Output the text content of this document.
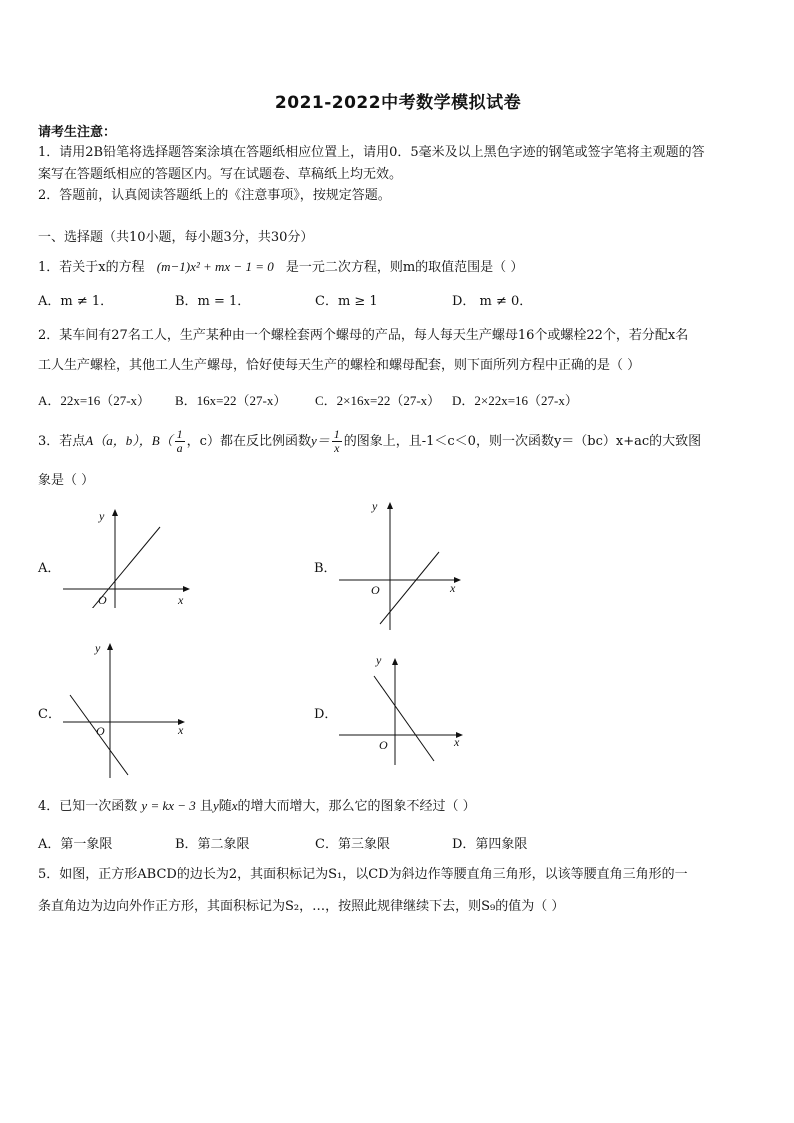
2021-2022中考数学模拟试卷
请考生注意：
1．请用2B铅笔将选择题答案涂填在答题纸相应位置上，请用0．5毫米及以上黑色字迹的钢笔或签字笔将主观题的答
案写在答题纸相应的答题区内。写在试题卷、草稿纸上均无效。
2．答题前，认真阅读答题纸上的《注意事项》，按规定答题。
一、选择题（共10小题，每小题3分，共30分）
1．若关于x的方程 (m−1)x² + mx − 1 = 0 是一元二次方程，则m的取值范围是（ ）
A．m ≠ 1．	B．m = 1．	C．m ≥ 1	D． m ≠ 0．
2．某车间有27名工人，生产某种由一个螺栓套两个螺母的产品，每人每天生产螺母16个或螺栓22个，若分配x名
工人生产螺栓，其他工人生产螺母，恰好使每天生产的螺栓和螺母配套，则下面所列方程中正确的是（ ）
A．22x=16（27-x） B．16x=22（27-x） C．2×16x=22（27-x） D．2×22x=16（27-x）
3．若点A（a，b），$B( \frac{1}{a}$ ，c）都在反比例函数$y= \frac{1}{x}$ 的图象上，且-1＜c＜0，则一次函数y＝（bc）x+ac的大致图
象是（ ）
A．
x
y
O
B．
x
y
O
C．
x
y
O
D．
x
y
O
4．已知一次函数 y = kx − 3 且y随x的增大而增大，那么它的图象不经过（ ）
A．第一象限	B．第二象限	C．第三象限	D．第四象限
5．如图，正方形ABCD的边长为2，其面积标记为S₁，以CD为斜边作等腰直角三角形，以该等腰直角三角形的一
条直角边为边向外作正方形，其面积标记为S₂，…，按照此规律继续下去，则S₉的值为（ ）
